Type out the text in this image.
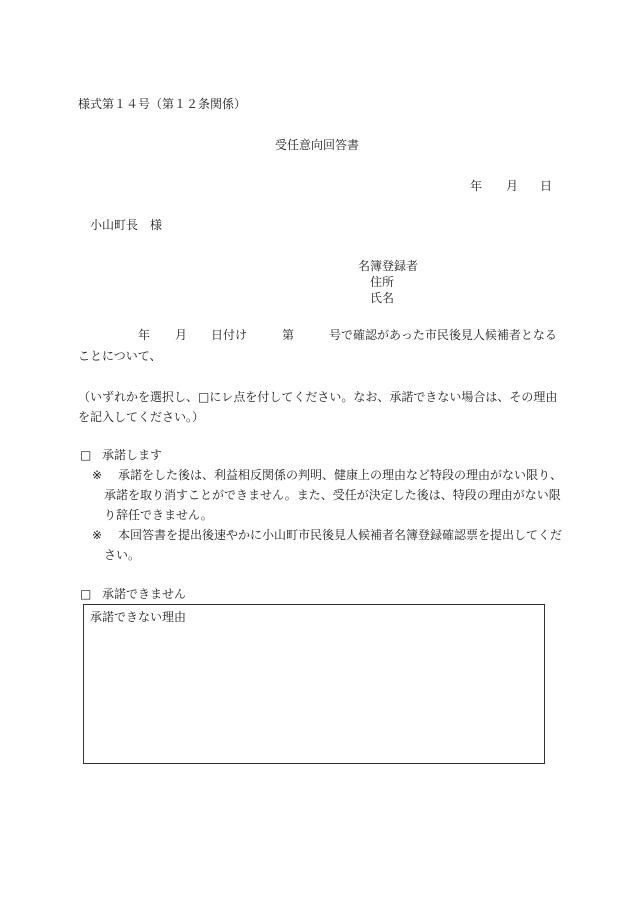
様式第１４号（第１２条関係）
受任意向回答書
年 月 日
小山町長　様
名簿登録者
住所
氏名
年 月 日付け	第	号で確認があった市民後見人候補者となる
ことについて、
（いずれかを選択し、□にレ点を付してください。なお、承諾できない場合は、その理由
を記入してください。）
□ 承諾します
※ 承諾をした後は、利益相反関係の判明、健康上の理由など特段の理由がない限り、
承諾を取り消すことができません。また、受任が決定した後は、特段の理由がない限
り辞任できません。
※ 本回答書を提出後速やかに小山町市民後見人候補者名簿登録確認票を提出してくだ
さい。
□ 承諾できません
承諾できない理由
